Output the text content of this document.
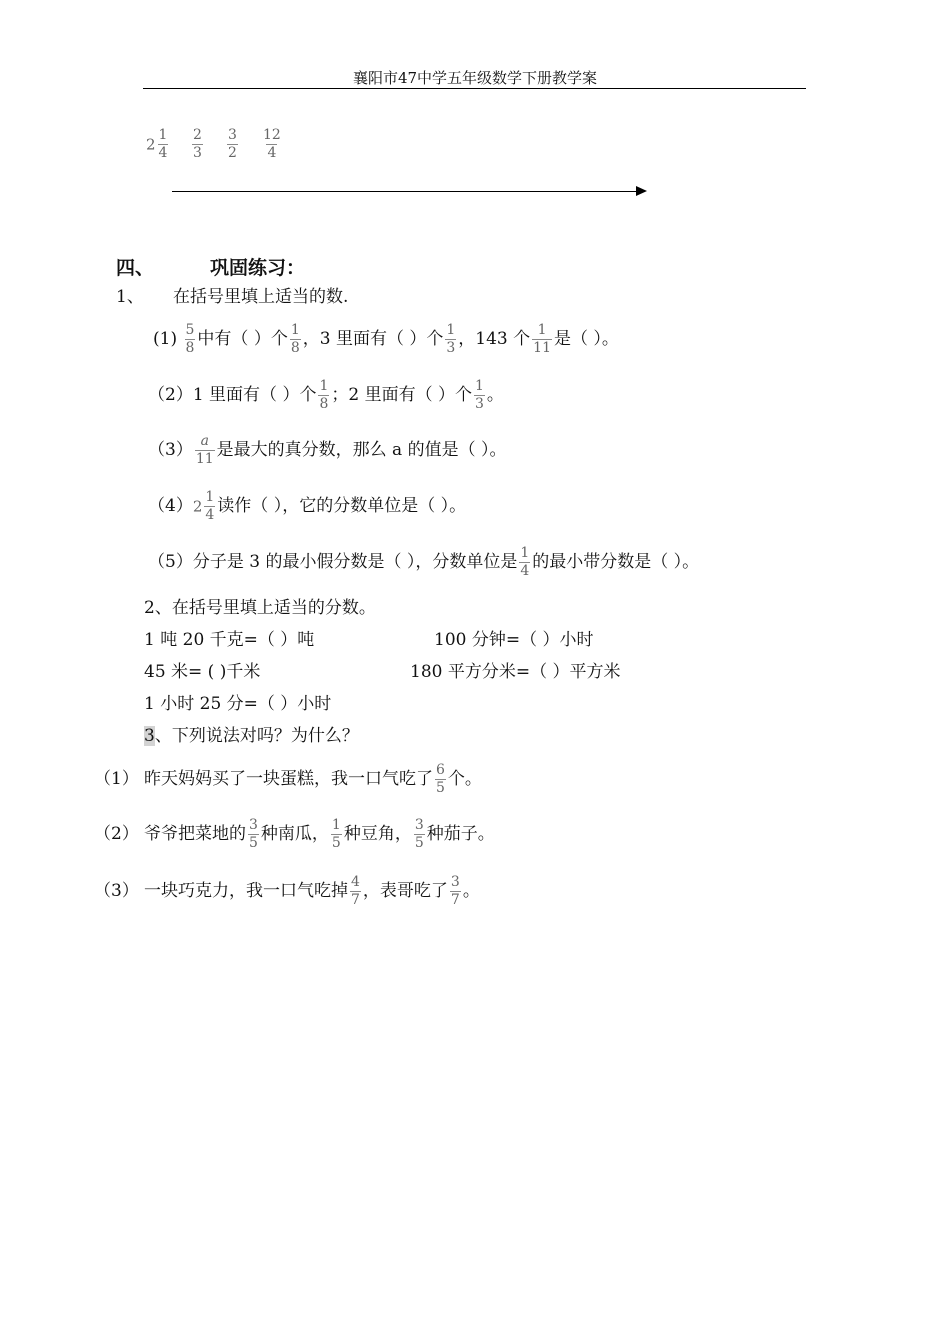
襄阳市47中学五年级数学下册教学案
$2 \frac{1}{4} \frac{2}{3} \frac{3}{2} \frac{12}{4}$
四、	巩固练习：
1、 在括号里填上适当的数.
$(1) \frac{5}{8}$ 中有（ ）个 $\frac{1}{8}$ ，3 里面有（ ）个 $\frac{1}{3}$ ，143 个 $\frac{1}{11}$ 是（ ）。
（2）1 里面有（ ）个 $\frac{1}{8}$ ；2 里面有（ ）个 $\frac{1}{3}$ 。
$(3) \frac{a}{11}$ 是最大的真分数，那么 a 的值是（ ）。
$(4)2 \frac{1}{4}$ 读作（ ），它的分数单位是（ ）。
（5）分子是 3 的最小假分数是（ ），分数单位是 $\frac{1}{4}$ 的最小带分数是（ ）。
2、在括号里填上适当的分数。
1 吨 20 千克=（ ）吨	100 分钟=（ ）小时
45 米= ( )千米	180 平方分米=（ ）平方米
1 小时 25 分=（ ）小时
3、下列说法对吗？为什么？
（1） 昨天妈妈买了一块蛋糕，我一口气吃了 $\frac{6}{5}$ 个。
（2） 爷爷把菜地的 $\frac{3}{5}$ 种南瓜， $\frac{1}{5}$ 种豆角， $\frac{3}{5}$ 种茄子。
（3） 一块巧克力，我一口气吃掉 $\frac{4}{7}$ ，表哥吃了 $\frac{3}{7}$ 。
